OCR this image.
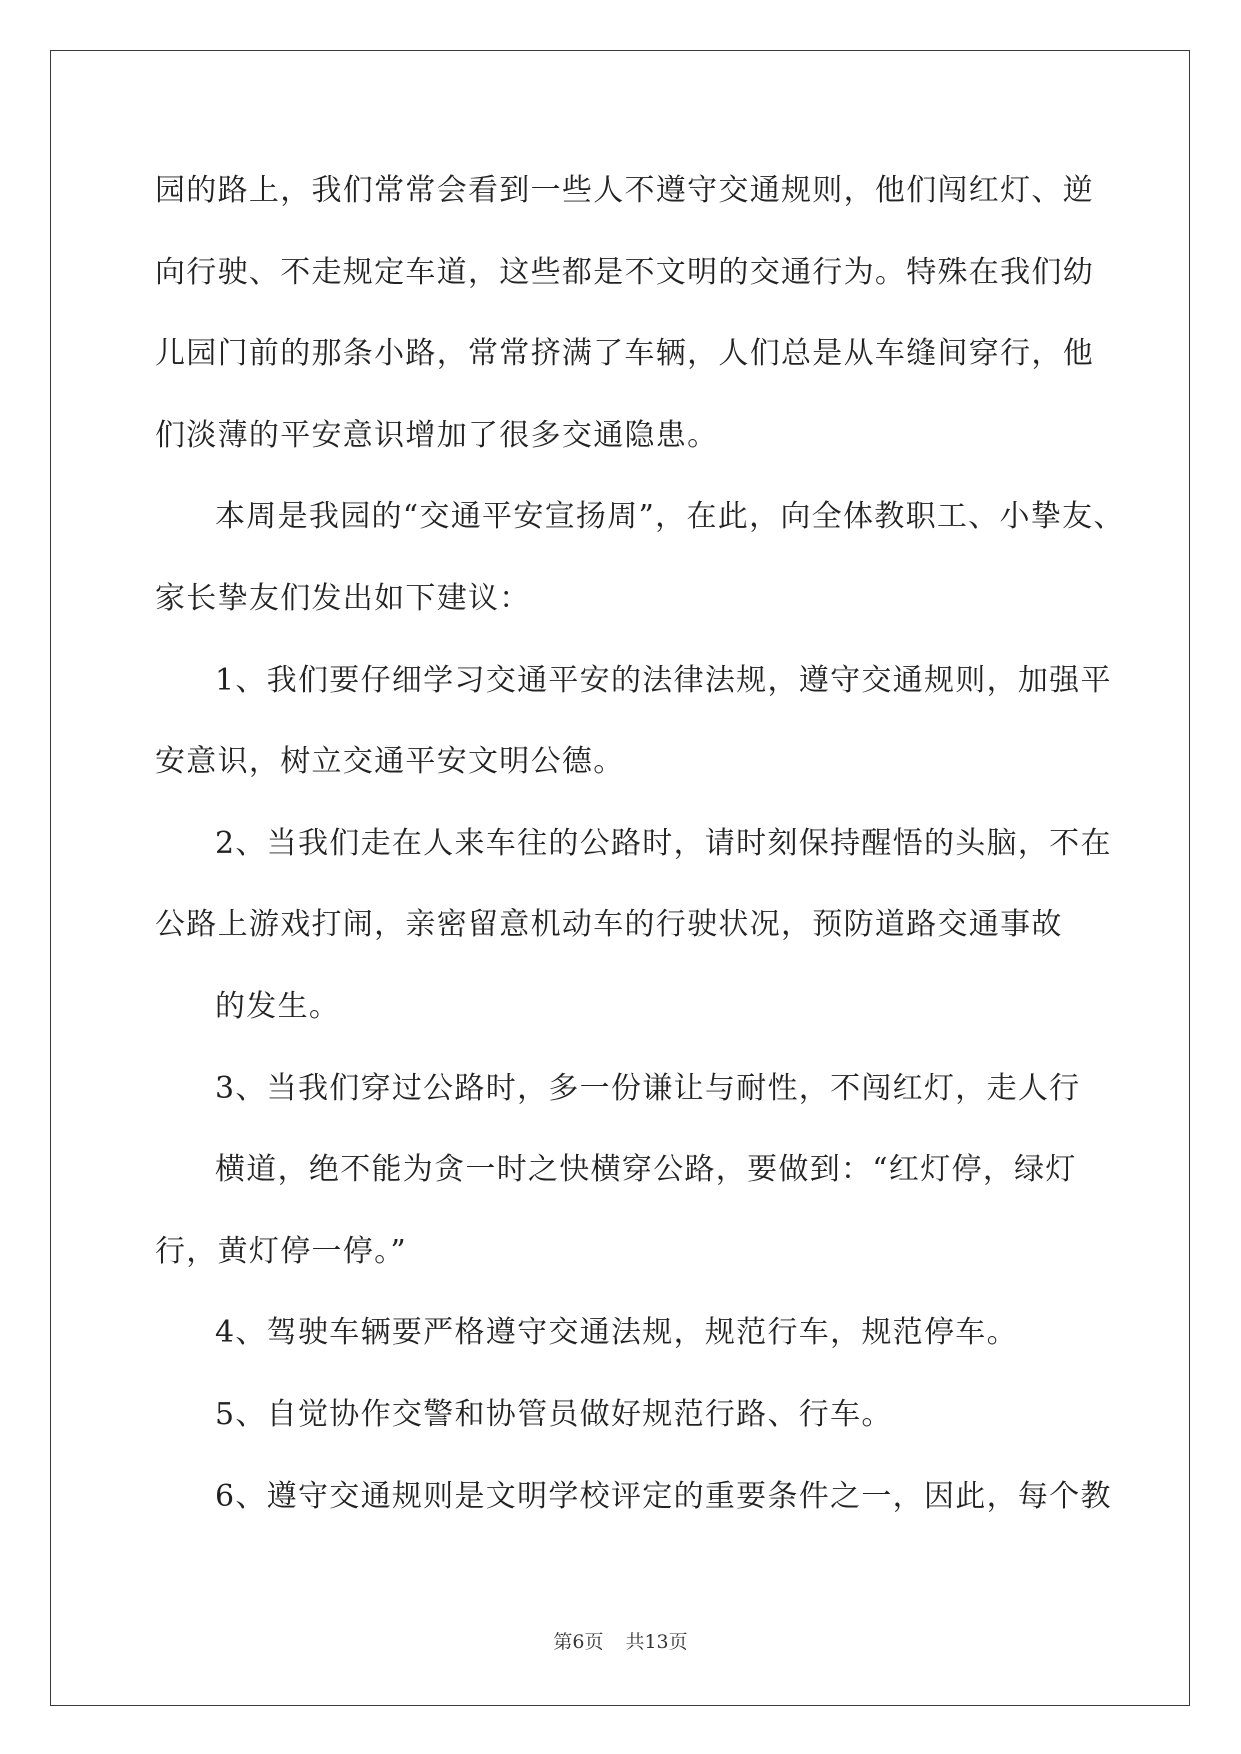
园的路上，我们常常会看到一些人不遵守交通规则，他们闯红灯、逆
向行驶、不走规定车道，这些都是不文明的交通行为。特殊在我们幼
儿园门前的那条小路，常常挤满了车辆，人们总是从车缝间穿行，他
们淡薄的平安意识增加了很多交通隐患。
本周是我园的“交通平安宣扬周”，在此，向全体教职工、小挚友、
家长挚友们发出如下建议：
1、我们要仔细学习交通平安的法律法规，遵守交通规则，加强平
安意识，树立交通平安文明公德。
2、当我们走在人来车往的公路时，请时刻保持醒悟的头脑，不在
公路上游戏打闹，亲密留意机动车的行驶状况，预防道路交通事故
的发生。
3、当我们穿过公路时，多一份谦让与耐性，不闯红灯，走人行
横道，绝不能为贪一时之快横穿公路，要做到：“红灯停，绿灯
行，黄灯停一停。”
4、驾驶车辆要严格遵守交通法规，规范行车，规范停车。
5、自觉协作交警和协管员做好规范行路、行车。
6、遵守交通规则是文明学校评定的重要条件之一，因此，每个教
第6页 共13页
